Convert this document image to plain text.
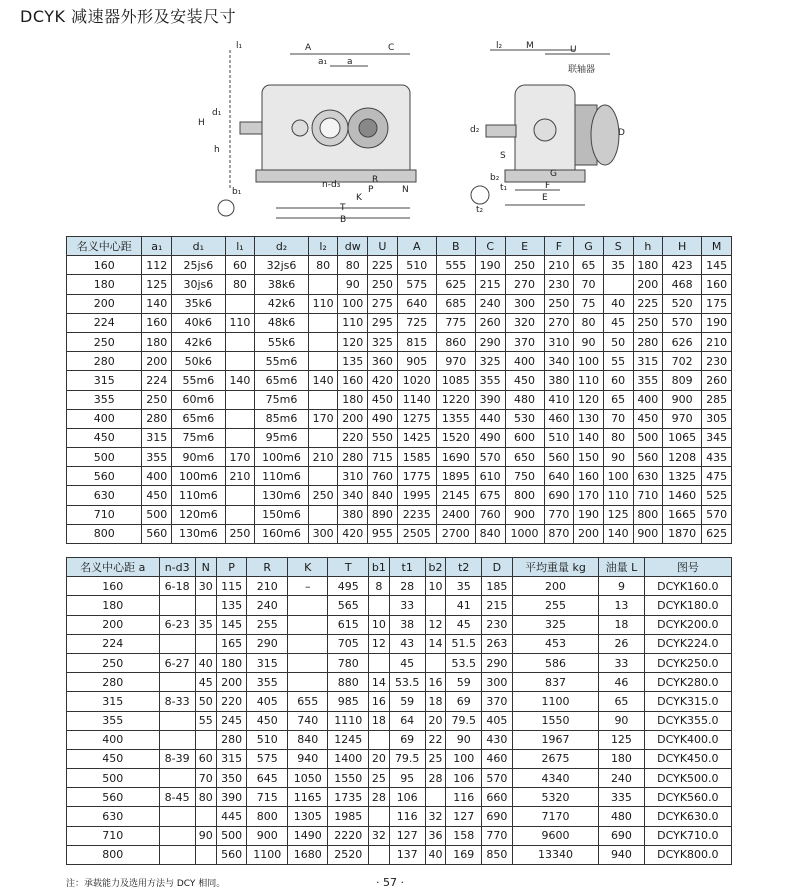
DCYK 减速器外形及安装尺寸
l₁	A	C
a₁ a
H
d₁
h
n-d₃	R
P
K
N
T
B
b₁
l₂	M	U
联轴器
D
d₂
S
G
F
E
b₂
t₁
t₂
名义中心距	a₁	d₁	l₁	d₂	l₂	dw	U	A	B	C	E	F	G	S	h	H	M
160	112	25js6	60	32js6	80	80	225	510	555	190	250	210	65	35	180	423	145
180	125	30js6	80	38k6		90	250	575	625	215	270	230	70		200	468	160
200	140	35k6		42k6	110	100	275	640	685	240	300	250	75	40	225	520	175
224	160	40k6	110	48k6		110	295	725	775	260	320	270	80	45	250	570	190
250	180	42k6		55k6		120	325	815	860	290	370	310	90	50	280	626	210
280	200	50k6		55m6		135	360	905	970	325	400	340	100	55	315	702	230
315	224	55m6	140	65m6	140	160	420	1020	1085	355	450	380	110	60	355	809	260
355	250	60m6		75m6		180	450	1140	1220	390	480	410	120	65	400	900	285
400	280	65m6		85m6	170	200	490	1275	1355	440	530	460	130	70	450	970	305
450	315	75m6		95m6		220	550	1425	1520	490	600	510	140	80	500	1065	345
500	355	90m6	170	100m6	210	280	715	1585	1690	570	650	560	150	90	560	1208	435
560	400	100m6	210	110m6		310	760	1775	1895	610	750	640	160	100	630	1325	475
630	450	110m6		130m6	250	340	840	1995	2145	675	800	690	170	110	710	1460	525
710	500	120m6		150m6		380	890	2235	2400	760	900	770	190	125	800	1665	570
800	560	130m6	250	160m6	300	420	955	2505	2700	840	1000	870	200	140	900	1870	625
名义中心距 a	n-d3	N	P	R	K	T	b1	t1	b2	t2	D	平均重量 kg	油量 L	图号
160	6-18	30	115	210	–	495	8	28	10	35	185	200	9	DCYK160.0
180			135	240		565		33		41	215	255	13	DCYK180.0
200	6-23	35	145	255		615	10	38	12	45	230	325	18	DCYK200.0
224			165	290		705	12	43	14	51.5	263	453	26	DCYK224.0
250	6-27	40	180	315		780		45		53.5	290	586	33	DCYK250.0
280		45	200	355		880	14	53.5	16	59	300	837	46	DCYK280.0
315	8-33	50	220	405	655	985	16	59	18	69	370	1100	65	DCYK315.0
355		55	245	450	740	1110	18	64	20	79.5	405	1550	90	DCYK355.0
400			280	510	840	1245		69	22	90	430	1967	125	DCYK400.0
450	8-39	60	315	575	940	1400	20	79.5	25	100	460	2675	180	DCYK450.0
500		70	350	645	1050	1550	25	95	28	106	570	4340	240	DCYK500.0
560	8-45	80	390	715	1165	1735	28	106		116	660	5320	335	DCYK560.0
630			445	800	1305	1985		116	32	127	690	7170	480	DCYK630.0
710		90	500	900	1490	2220	32	127	36	158	770	9600	690	DCYK710.0
800			560	1100	1680	2520		137	40	169	850	13340	940	DCYK800.0
注：承载能力及选用方法与 DCY 相同。	· 57 ·
